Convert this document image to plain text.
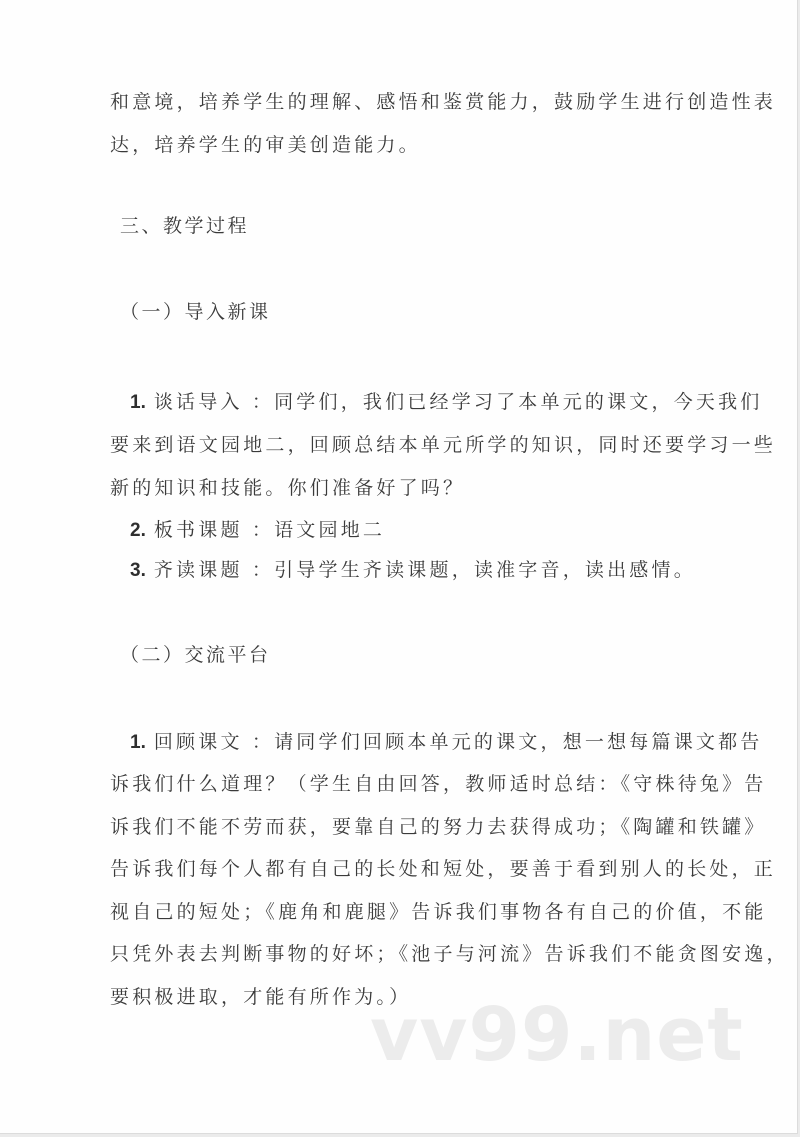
和意境，培养学生的理解、感悟和鉴赏能力，鼓励学生进行创造性表
达，培养学生的审美创造能力。
三、教学过程
（一）导入新课
1. 谈话导入 ：同学们，我们已经学习了本单元的课文，今天我们
要来到语文园地二，回顾总结本单元所学的知识，同时还要学习一些
新的知识和技能。你们准备好了吗？
2. 板书课题 ：语文园地二
3. 齐读课题 ：引导学生齐读课题，读准字音，读出感情。
（二）交流平台
1. 回顾课文 ：请同学们回顾本单元的课文，想一想每篇课文都告
诉我们什么道理？（学生自由回答，教师适时总结：《守株待兔》告
诉我们不能不劳而获，要靠自己的努力去获得成功；《陶罐和铁罐》
告诉我们每个人都有自己的长处和短处，要善于看到别人的长处，正
视自己的短处；《鹿角和鹿腿》告诉我们事物各有自己的价值，不能
只凭外表去判断事物的好坏；《池子与河流》告诉我们不能贪图安逸，
要积极进取，才能有所作为。）
vv99.net
